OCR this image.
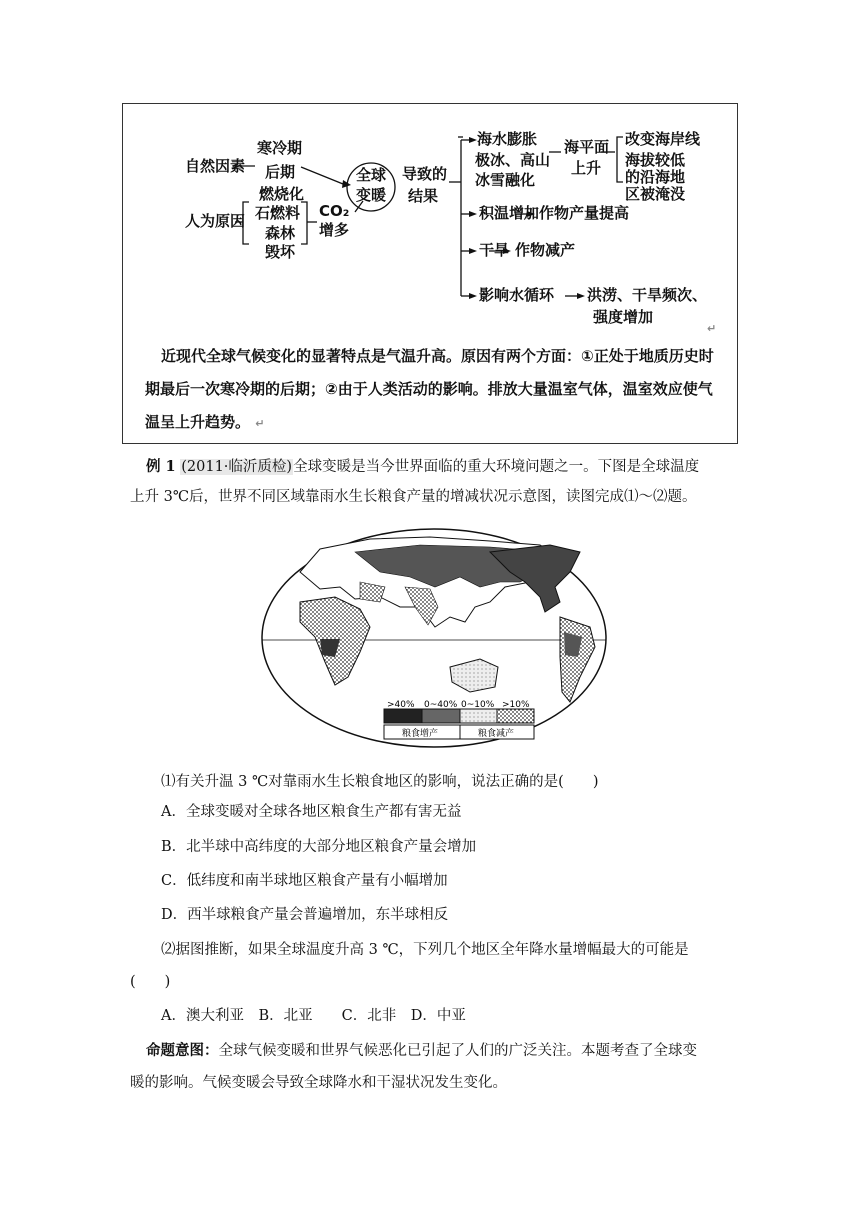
自然因素
寒冷期
后期
人为原因
燃烧化
石燃料
森林
毁坏
CO₂
增多
全球
变暖
导致的
结果
海水膨胀
极冰、高山
冰雪融化
海平面
上升
改变海岸线
海拔较低
的沿海地
区被淹没
积温增加 作物产量提高
干旱 作物减产
影响水循环 洪涝、干旱频次、
强度增加
↵
近现代全球气候变化的显著特点是气温升高。原因有两个方面：①正处于地质历史时期最后一次寒冷期的后期；②由于人类活动的影响。排放大量温室气体，温室效应使气温呈上升趋势。 ↵
例 1 (2011·临沂质检)全球变暖是当今世界面临的重大环境问题之一。下图是全球温度
上升 3℃后，世界不同区域靠雨水生长粮食产量的增减状况示意图，读图完成⑴～⑵题。
>40% 0~40% 0~10% >10%
粮食增产	粮食减产
⑴有关升温 3 ℃对靠雨水生长粮食地区的影响，说法正确的是(　　)
A．全球变暖对全球各地区粮食生产都有害无益
B．北半球中高纬度的大部分地区粮食产量会增加
C．低纬度和南半球地区粮食产量有小幅增加
D．西半球粮食产量会普遍增加，东半球相反
⑵据图推断，如果全球温度升高 3 ℃，下列几个地区全年降水量增幅最大的可能是
(　　)
A．澳大利亚　B．北亚　　C．北非　D．中亚
命题意图：全球气候变暖和世界气候恶化已引起了人们的广泛关注。本题考查了全球变
暖的影响。气候变暖会导致全球降水和干湿状况发生变化。
